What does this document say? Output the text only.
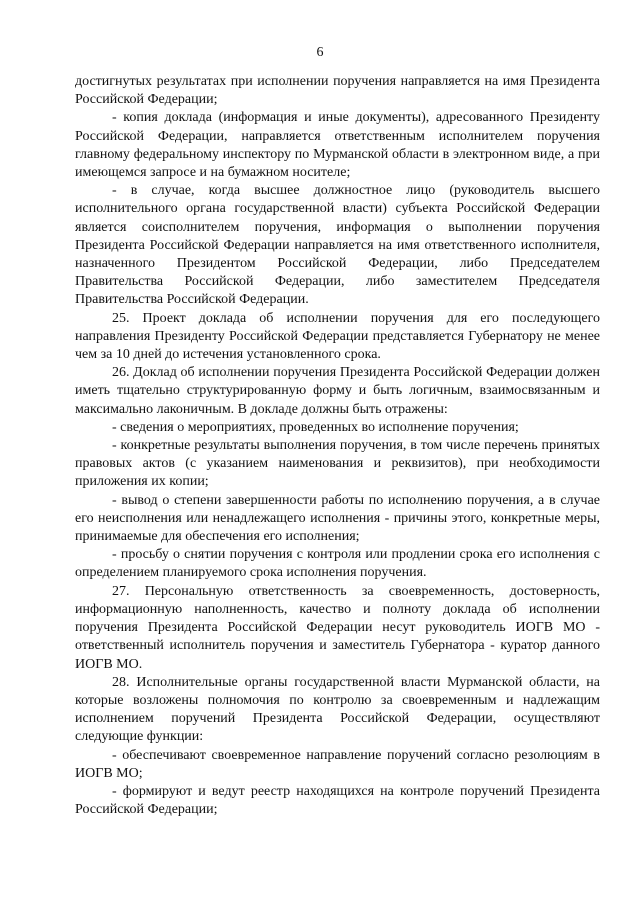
6

достигнутых результатах при исполнении поручения направляется на имя Президента Российской Федерации;

- копия доклада (информация и иные документы), адресованного Президенту Российской Федерации, направляется ответственным исполнителем поручения главному федеральному инспектору по Мурманской области в электронном виде, а при имеющемся запросе и на бумажном носителе;

- в случае, когда высшее должностное лицо (руководитель высшего исполнительного органа государственной власти) субъекта Российской Федерации является соисполнителем поручения, информация о выполнении поручения Президента Российской Федерации направляется на имя ответственного исполнителя, назначенного Президентом Российской Федерации, либо Председателем Правительства Российской Федерации, либо заместителем Председателя Правительства Российской Федерации.

25. Проект доклада об исполнении поручения для его последующего направления Президенту Российской Федерации представляется Губернатору не менее чем за 10 дней до истечения установленного срока.

26. Доклад об исполнении поручения Президента Российской Федерации должен иметь тщательно структурированную форму и быть логичным, взаимосвязанным и максимально лаконичным. В докладе должны быть отражены:

- сведения о мероприятиях, проведенных во исполнение поручения;

- конкретные результаты выполнения поручения, в том числе перечень принятых правовых актов (с указанием наименования и реквизитов), при необходимости приложения их копии;

- вывод о степени завершенности работы по исполнению поручения, а в случае его неисполнения или ненадлежащего исполнения - причины этого, конкретные меры, принимаемые для обеспечения его исполнения;

- просьбу о снятии поручения с контроля или продлении срока его исполнения с определением планируемого срока исполнения поручения.

27. Персональную ответственность за своевременность, достоверность, информационную наполненность, качество и полноту доклада об исполнении поручения Президента Российской Федерации несут руководитель ИОГВ МО - ответственный исполнитель поручения и заместитель Губернатора - куратор данного ИОГВ МО.

28. Исполнительные органы государственной власти Мурманской области, на которые возложены полномочия по контролю за своевременным и надлежащим исполнением поручений Президента Российской Федерации, осуществляют следующие функции:

- обеспечивают своевременное направление поручений согласно резолюциям в ИОГВ МО;

- формируют и ведут реестр находящихся на контроле поручений Президента Российской Федерации;
